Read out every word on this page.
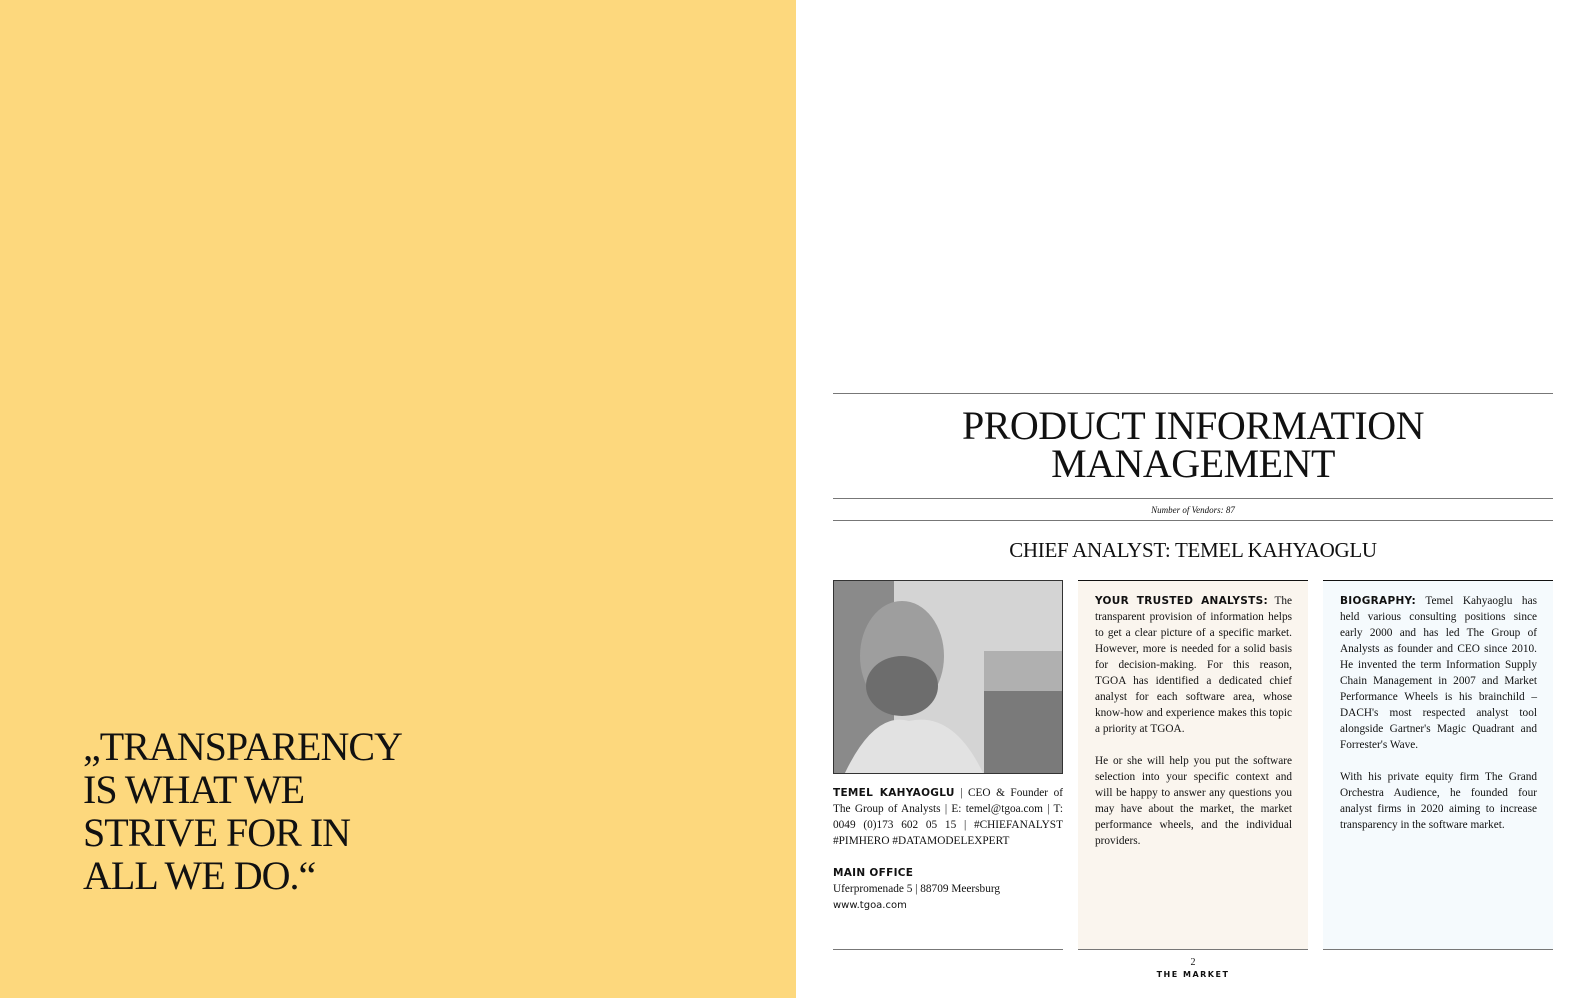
„TRANSPARENCY
IS WHAT WE
STRIVE FOR IN
ALL WE DO.“
PRODUCT INFORMATION
MANAGEMENT
Number of Vendors: 87
CHIEF ANALYST: TEMEL KAHYAOGLU

TEMEL KAHYAOGLU | CEO & Founder of The Group of Analysts | E: temel@tgoa.com | T: 0049 (0)173 602 05 15 | #CHIEFANALYST #PIMHERO #DATAMODELEXPERT

MAIN OFFICE
Uferpromenade 5 | 88709 Meersburg
www.tgoa.com

YOUR TRUSTED ANALYSTS: The transparent provision of information helps to get a clear picture of a specific market. However, more is needed for a solid basis for decision-making. For this reason, TGOA has identified a dedicated chief analyst for each software area, whose know-how and experience makes this topic a priority at TGOA.

He or she will help you put the software selection into your specific context and will be happy to answer any questions you may have about the market, the market performance wheels, and the individual providers.

BIOGRAPHY: Temel Kahyaoglu has held various consulting positions since early 2000 and has led The Group of Analysts as founder and CEO since 2010. He invented the term Information Supply Chain Management in 2007 and Market Performance Wheels is his brainchild – DACH's most respected analyst tool alongside Gartner's Magic Quadrant and Forrester's Wave.

With his private equity firm The Grand Orchestra Audience, he founded four analyst firms in 2020 aiming to increase transparency in the software market.

2
THE MARKET
